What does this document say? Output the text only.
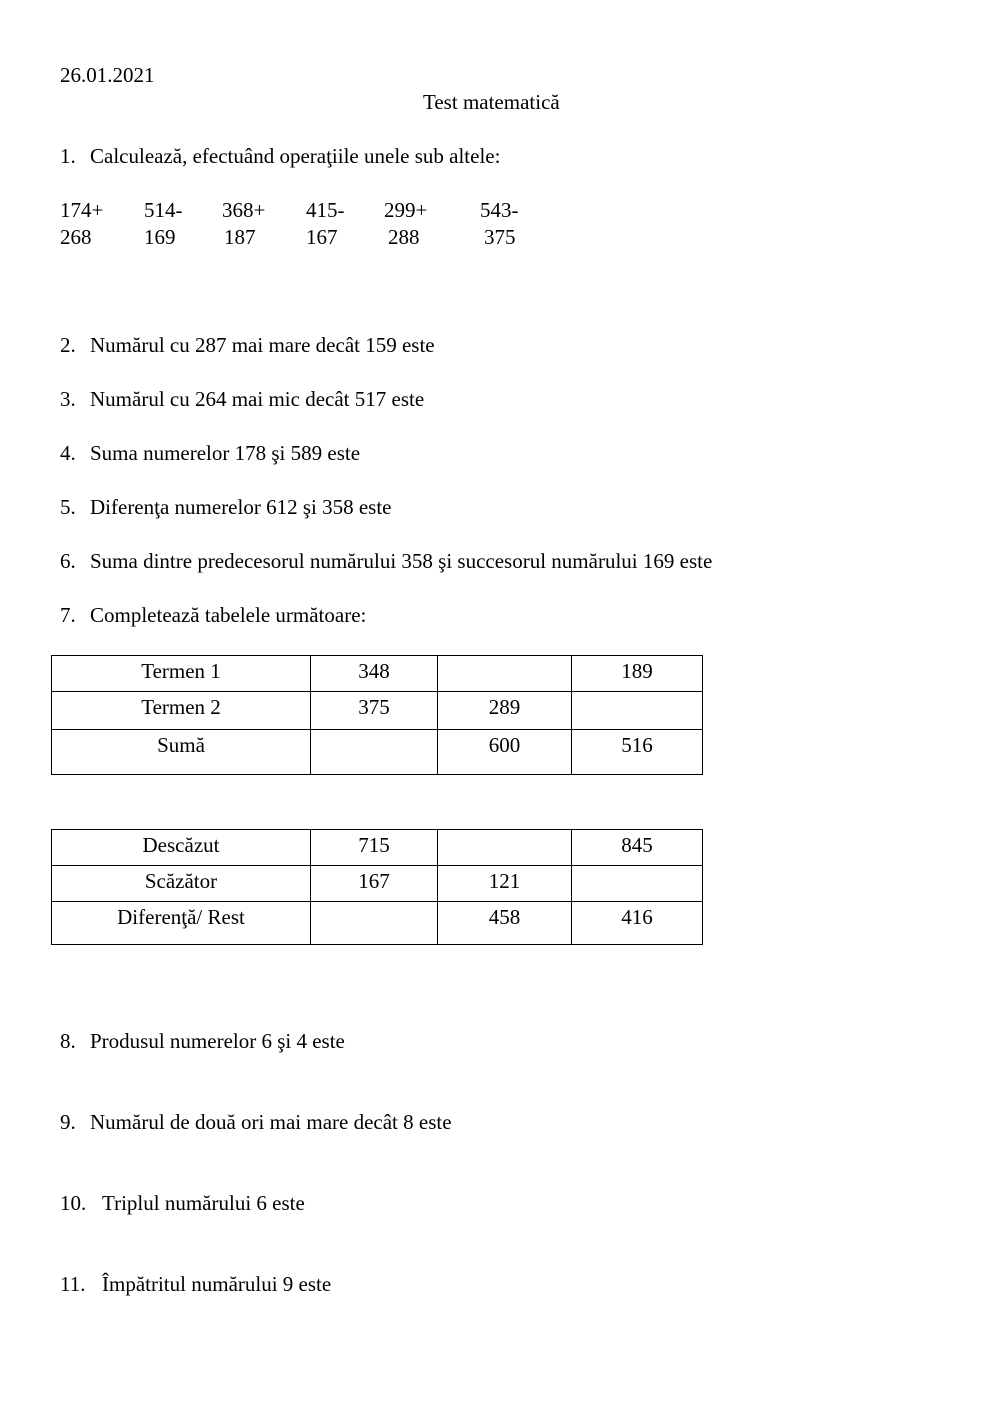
26.01.2021
Test matematică
1. Calculează, efectuând operaţiile unele sub altele:
174+
268
514-
169
368+
187
415-
167
299+
288
543-
375
2. Numărul cu 287 mai mare decât 159 este
3. Numărul cu 264 mai mic decât 517 este
4. Suma numerelor 178 şi 589 este
5. Diferenţa numerelor 612 şi 358 este
6. Suma dintre predecesorul numărului 358 şi succesorul numărului 169 este
7. Completează tabelele următoare:
Termen 1	348		189
Termen 2	375	289	
Sumă		600	516
Descăzut	715		845
Scăzător	167	121	
Diferenţă/ Rest		458	416
8. Produsul numerelor 6 şi 4 este
9. Numărul de două ori mai mare decât 8 este
10. Triplul numărului 6 este
11. Împătritul numărului 9 este
